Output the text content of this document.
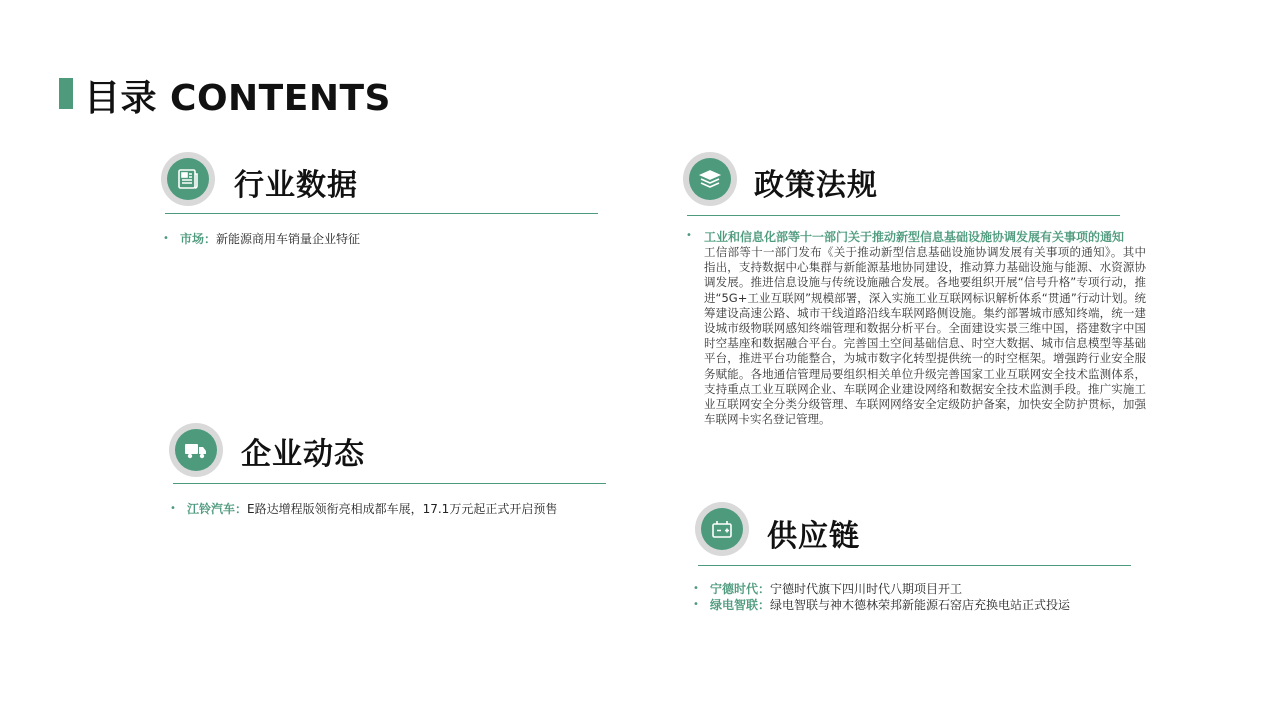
目录 CONTENTS
行业数据
• 市场：新能源商用车销量企业特征
政策法规
• 工业和信息化部等十一部门关于推动新型信息基础设施协调发展有关事项的通知
工信部等十一部门发布《关于推动新型信息基础设施协调发展有关事项的通知》。其中指出，支持数据中心集群与新能源基地协同建设，推动算力基础设施与能源、水资源协调发展。推进信息设施与传统设施融合发展。各地要组织开展“信号升格”专项行动，推进“5G+工业互联网”规模部署，深入实施工业互联网标识解析体系“贯通”行动计划。统筹建设高速公路、城市干线道路沿线车联网路侧设施。集约部署城市感知终端，统一建设城市级物联网感知终端管理和数据分析平台。全面建设实景三维中国，搭建数字中国时空基座和数据融合平台。完善国土空间基础信息、时空大数据、城市信息模型等基础平台，推进平台功能整合，为城市数字化转型提供统一的时空框架。增强跨行业安全服务赋能。各地通信管理局要组织相关单位升级完善国家工业互联网安全技术监测体系，支持重点工业互联网企业、车联网企业建设网络和数据安全技术监测手段。推广实施工业互联网安全分类分级管理、车联网网络安全定级防护备案，加快安全防护贯标，加强车联网卡实名登记管理。
企业动态
• 江铃汽车：E路达增程版领衔亮相成都车展，17.1万元起正式开启预售
供应链
• 宁德时代：宁德时代旗下四川时代八期项目开工
• 绿电智联：绿电智联与神木德林荣邦新能源石窑店充换电站正式投运
